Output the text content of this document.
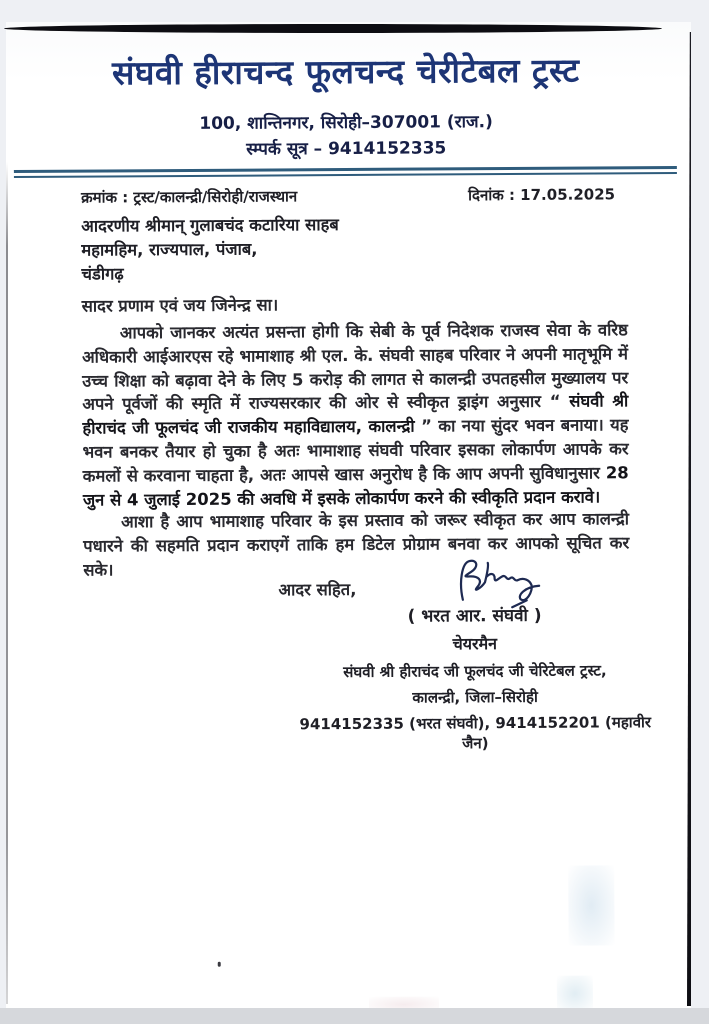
संघवी हीराचन्द फूलचन्द चेरीटेबल ट्रस्ट
100, शान्तिनगर, सिरोही–307001 (राज.)
स्म्पर्क सूत्र – 9414152335
क्रमांक : ट्रस्ट/कालन्द्री/सिरोही/राजस्थान	दिनांक : 17.05.2025
आदरणीय श्रीमान् गुलाबचंद कटारिया साहब
महामहिम, राज्यपाल, पंजाब,
चंडीगढ़
सादर प्रणाम एवं जय जिनेन्द्र सा।

आपको जानकर अत्यंत प्रसन्ता होगी कि सेबी के पूर्व निदेशक राजस्व सेवा के वरिष्ठ अधिकारी आईआरएस रहे भामाशाह श्री एल. के. संघवी साहब परिवार ने अपनी मातृभूमि में उच्च शिक्षा को बढ़ावा देने के लिए 5 करोड़ की लागत से कालन्द्री उपतहसील मुख्यालय पर अपने पूर्वजों की स्मृति में राज्यसरकार की ओर से स्वीकृत ड्राइंग अनुसार “ संघवी श्री हीराचंद जी फूलचंद जी राजकीय महाविद्यालय, कालन्द्री ” का नया सुंदर भवन बनाया। यह भवन बनकर तैयार हो चुका है अतः भामाशाह संघवी परिवार इसका लोकार्पण आपके कर कमलों से करवाना चाहता है, अतः आपसे खास अनुरोध है कि आप अपनी सुविधानुसार 28 जुन से 4 जुलाई 2025 की अवधि में इसके लोकार्पण करने की स्वीकृति प्रदान करावे।

आशा है आप भामाशाह परिवार के इस प्रस्ताव को जरूर स्वीकृत कर आप कालन्द्री पधारने की सहमति प्रदान कराएगें ताकि हम डिटेल प्रोग्राम बनवा कर आपको सूचित कर सके।

आदर सहित,
( भरत आर. संघवी )
चेयरमैन
संघवी श्री हीराचंद जी फूलचंद जी चेरिटेबल ट्रस्ट,
कालन्द्री, जिला–सिरोही
9414152335 (भरत संघवी), 9414152201 (महावीर जैन)
